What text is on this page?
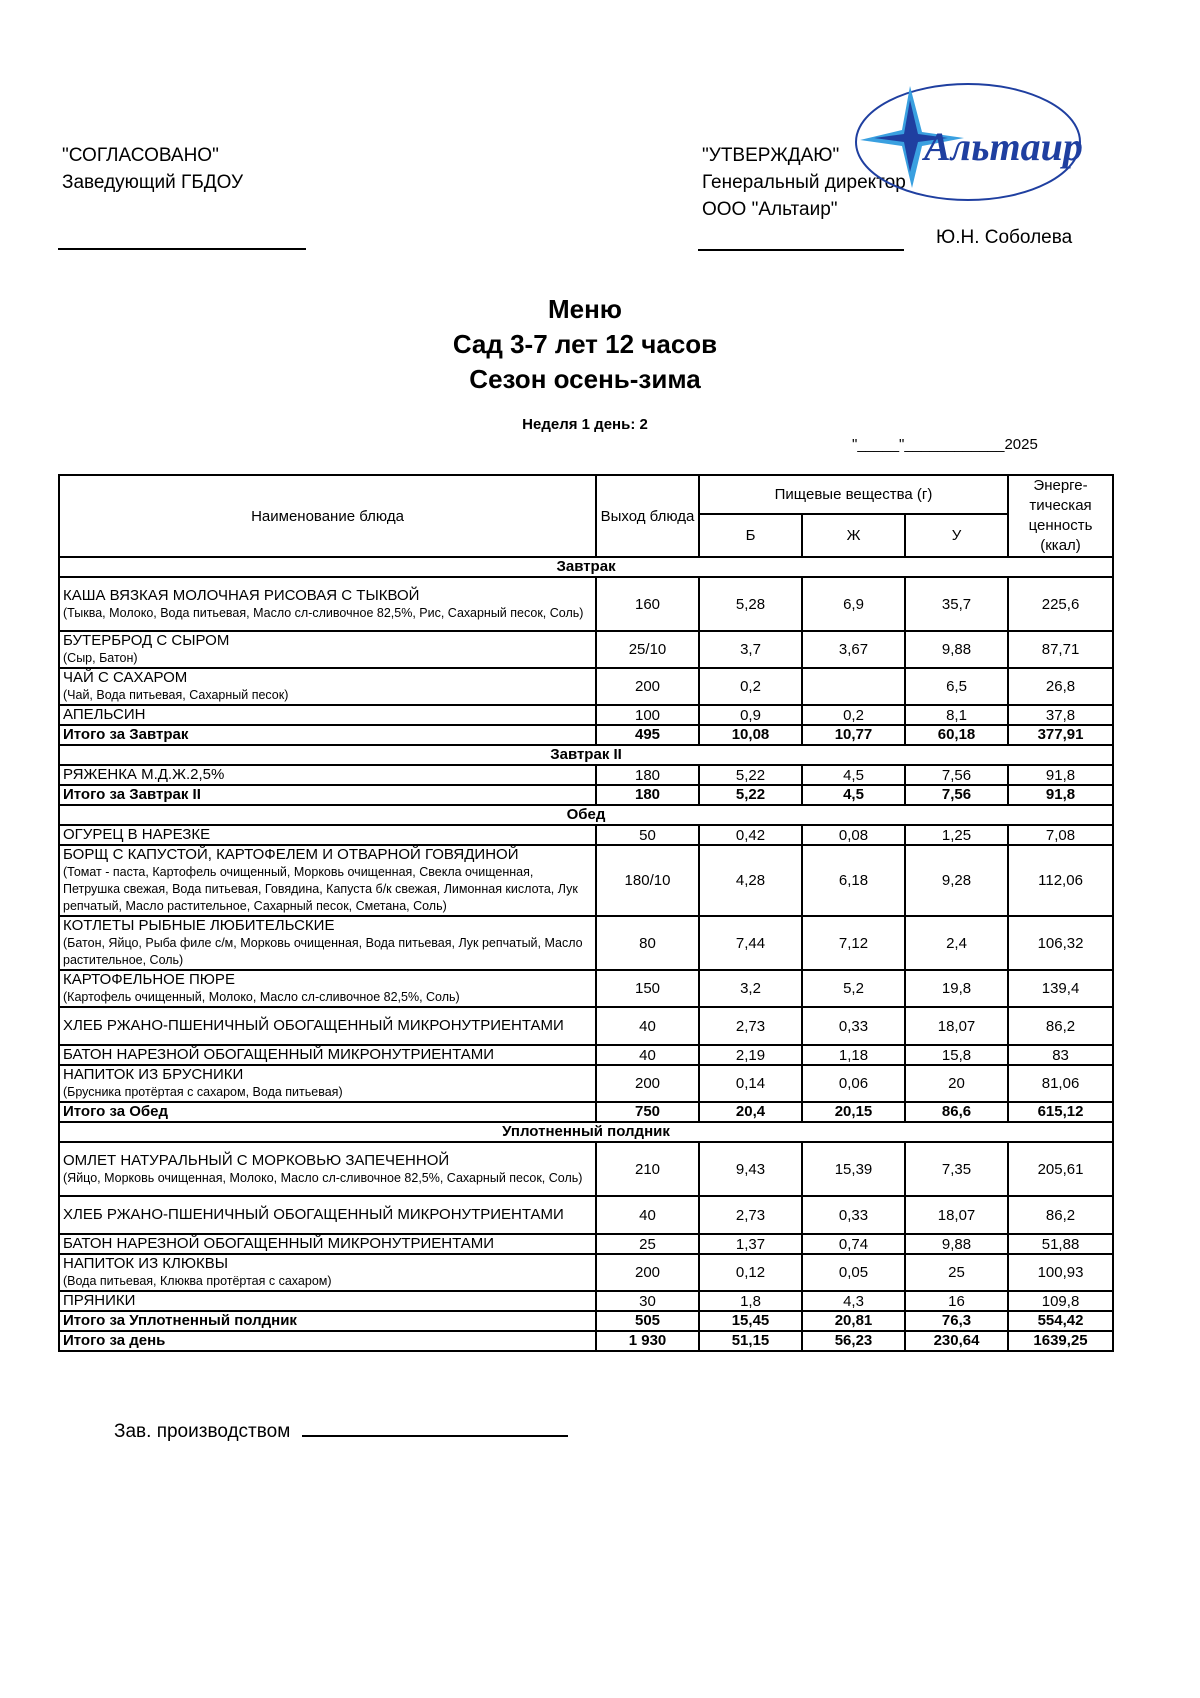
"СОГЛАСОВАНО"
Заведующий ГБДОУ
"УТВЕРЖДАЮ"
Генеральный директор
ООО "Альтаир"
Ю.Н. Соболева
Альтаир
Меню
Сад 3-7 лет 12 часов
Сезон осень-зима
Неделя 1 день: 2
"_____"____________2025
Наименование блюда	Выход блюда	Пищевые вещества (г)			Энерге-тическая ценность (ккал)
		Б	Ж	У	
Завтрак					

КАША ВЯЗКАЯ МОЛОЧНАЯ РИСОВАЯ С ТЫКВОЙ
(Тыква, Молоко, Вода питьевая, Масло сл-сливочное 82,5%, Рис, Сахарный песок, Соль)	160	5,28	6,9	35,7	225,6

БУТЕРБРОД С СЫРОМ
(Сыр, Батон)	25/10	3,7	3,67	9,88	87,71

ЧАЙ С САХАРОМ
(Чай, Вода питьевая, Сахарный песок)	200	0,2		6,5	26,8

АПЕЛЬСИН	100	0,9	0,2	8,1	37,8
Итого за Завтрак	495	10,08	10,77	60,18	377,91
Завтрак II					

РЯЖЕНКА М.Д.Ж.2,5%	180	5,22	4,5	7,56	91,8
Итого за Завтрак II	180	5,22	4,5	7,56	91,8
Обед					

ОГУРЕЦ В НАРЕЗКЕ	50	0,42	0,08	1,25	7,08

БОРЩ С КАПУСТОЙ, КАРТОФЕЛЕМ И ОТВАРНОЙ ГОВЯДИНОЙ
(Томат - паста, Картофель очищенный, Морковь очищенная, Свекла очищенная, Петрушка свежая, Вода питьевая, Говядина, Капуста б/к свежая, Лимонная кислота, Лук репчатый, Масло растительное, Сахарный песок, Сметана, Соль)	180/10	4,28	6,18	9,28	112,06

КОТЛЕТЫ РЫБНЫЕ ЛЮБИТЕЛЬСКИЕ
(Батон, Яйцо, Рыба филе с/м, Морковь очищенная, Вода питьевая, Лук репчатый, Масло растительное, Соль)	80	7,44	7,12	2,4	106,32

КАРТОФЕЛЬНОЕ ПЮРЕ
(Картофель очищенный, Молоко, Масло сл-сливочное 82,5%, Соль)	150	3,2	5,2	19,8	139,4

ХЛЕБ РЖАНО-ПШЕНИЧНЫЙ ОБОГАЩЕННЫЙ МИКРОНУТРИЕНТАМИ	40	2,73	0,33	18,07	86,2

БАТОН НАРЕЗНОЙ ОБОГАЩЕННЫЙ МИКРОНУТРИЕНТАМИ	40	2,19	1,18	15,8	83

НАПИТОК ИЗ БРУСНИКИ
(Брусника протёртая с сахаром, Вода питьевая)	200	0,14	0,06	20	81,06
Итого за Обед	750	20,4	20,15	86,6	615,12
Уплотненный полдник					

ОМЛЕТ НАТУРАЛЬНЫЙ С МОРКОВЬЮ ЗАПЕЧЕННОЙ
(Яйцо, Морковь очищенная, Молоко, Масло сл-сливочное 82,5%, Сахарный песок, Соль)	210	9,43	15,39	7,35	205,61

ХЛЕБ РЖАНО-ПШЕНИЧНЫЙ ОБОГАЩЕННЫЙ МИКРОНУТРИЕНТАМИ	40	2,73	0,33	18,07	86,2

БАТОН НАРЕЗНОЙ ОБОГАЩЕННЫЙ МИКРОНУТРИЕНТАМИ	25	1,37	0,74	9,88	51,88

НАПИТОК ИЗ КЛЮКВЫ
(Вода питьевая, Клюква протёртая с сахаром)	200	0,12	0,05	25	100,93

ПРЯНИКИ	30	1,8	4,3	16	109,8
Итого за Уплотненный полдник	505	15,45	20,81	76,3	554,42
Итого за день	1 930	51,15	56,23	230,64	1639,25
Зав. производством
